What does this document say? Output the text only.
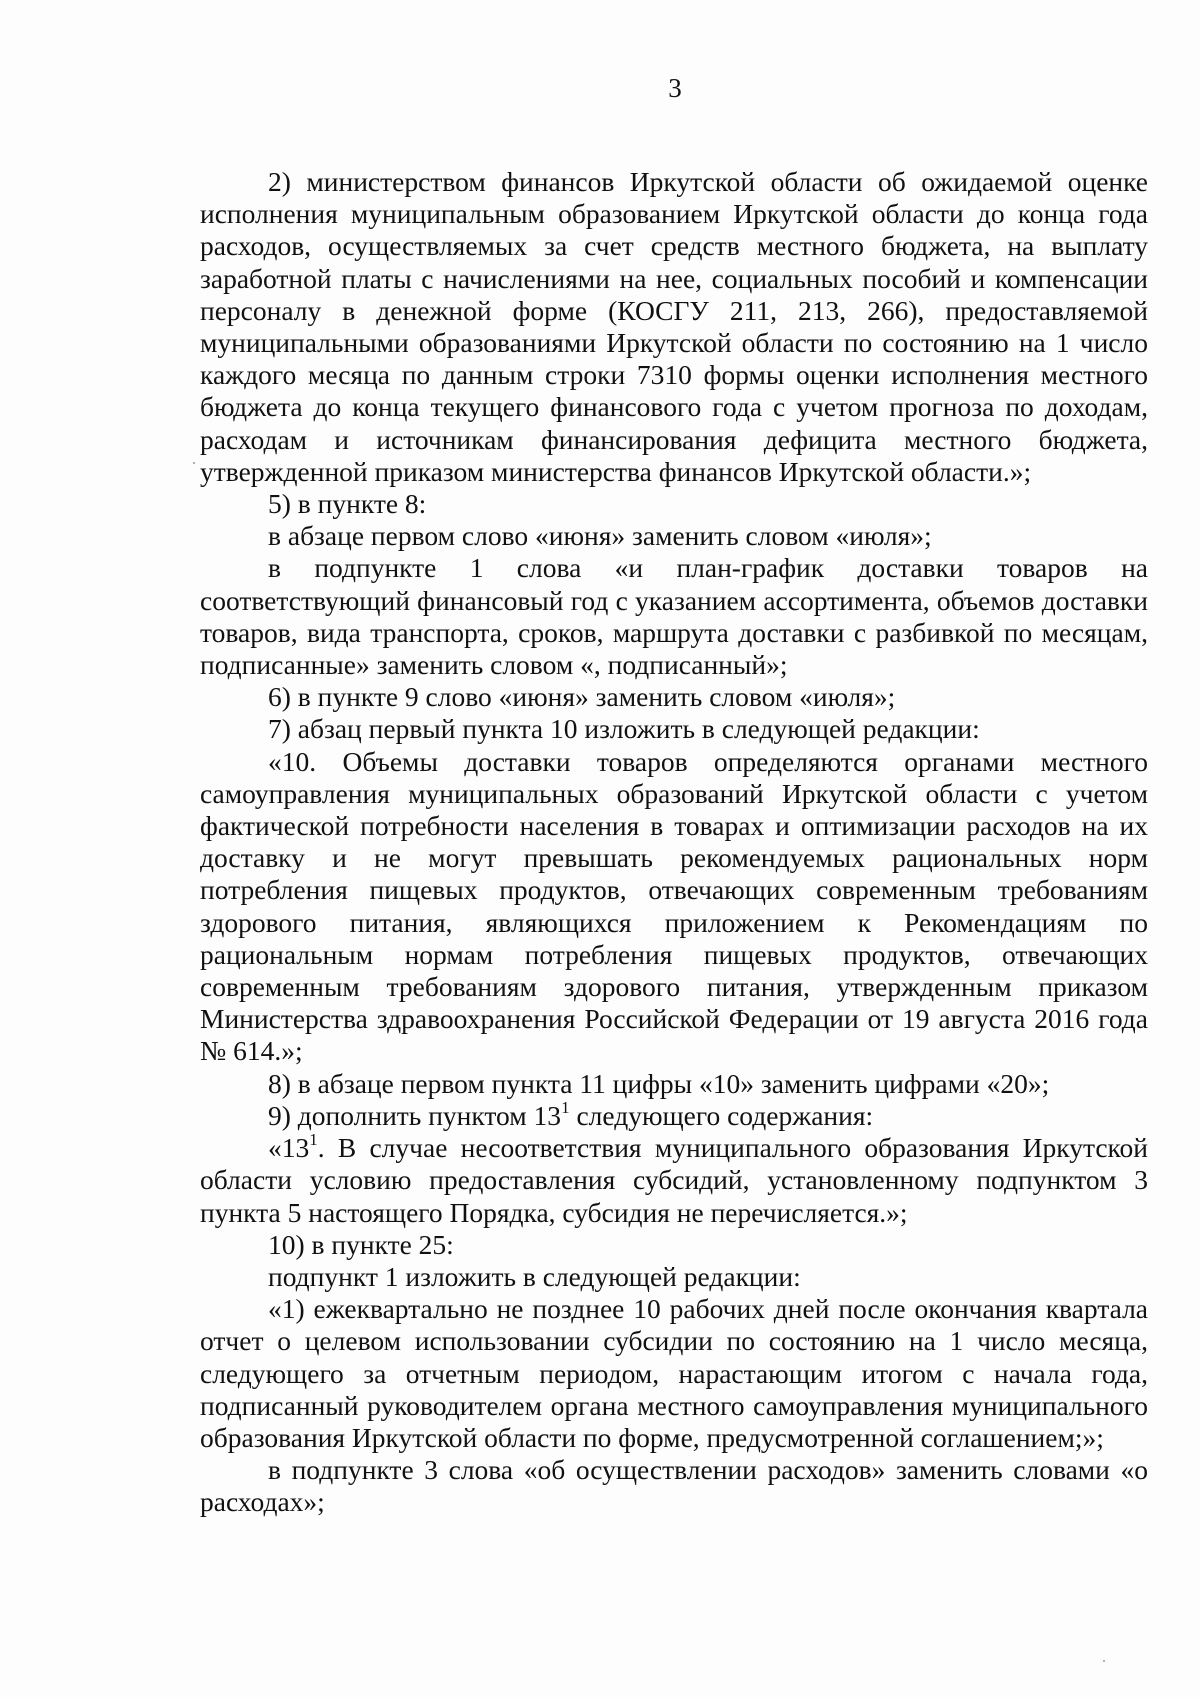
3

2) министерством финансов Иркутской области об ожидаемой оценке исполнения муниципальным образованием Иркутской области до конца года расходов, осуществляемых за счет средств местного бюджета, на выплату заработной платы с начислениями на нее, социальных пособий и компенсации персоналу в денежной форме (КОСГУ 211, 213, 266), предоставляемой муниципальными образованиями Иркутской области по состоянию на 1 число каждого месяца по данным строки 7310 формы оценки исполнения местного бюджета до конца текущего финансового года с учетом прогноза по доходам, расходам и источникам финансирования дефицита местного бюджета, утвержденной приказом министерства финансов Иркутской области.»;

5) в пункте 8:

в абзаце первом слово «июня» заменить словом «июля»;

в подпункте 1 слова «и план-график доставки товаров на соответствующий финансовый год с указанием ассортимента, объемов доставки товаров, вида транспорта, сроков, маршрута доставки с разбивкой по месяцам, подписанные» заменить словом «, подписанный»;

6) в пункте 9 слово «июня» заменить словом «июля»;

7) абзац первый пункта 10 изложить в следующей редакции:

«10. Объемы доставки товаров определяются органами местного самоуправления муниципальных образований Иркутской области с учетом фактической потребности населения в товарах и оптимизации расходов на их доставку и не могут превышать рекомендуемых рациональных норм потребления пищевых продуктов, отвечающих современным требованиям здорового питания, являющихся приложением к Рекомендациям по рациональным нормам потребления пищевых продуктов, отвечающих современным требованиям здорового питания, утвержденным приказом Министерства здравоохранения Российской Федерации от 19 августа 2016 года № 614.»;

8) в абзаце первом пункта 11 цифры «10» заменить цифрами «20»;

9) дополнить пунктом $13^1$ следующего содержания:

«$13^1$. В случае несоответствия муниципального образования Иркутской области условию предоставления субсидий, установленному подпунктом 3 пункта 5 настоящего Порядка, субсидия не перечисляется.»;

10) в пункте 25:

подпункт 1 изложить в следующей редакции:

«1) ежеквартально не позднее 10 рабочих дней после окончания квартала отчет о целевом использовании субсидии по состоянию на 1 число месяца, следующего за отчетным периодом, нарастающим итогом с начала года, подписанный руководителем органа местного самоуправления муниципального образования Иркутской области по форме, предусмотренной соглашением;»;

в подпункте 3 слова «об осуществлении расходов» заменить словами «о расходах»;
